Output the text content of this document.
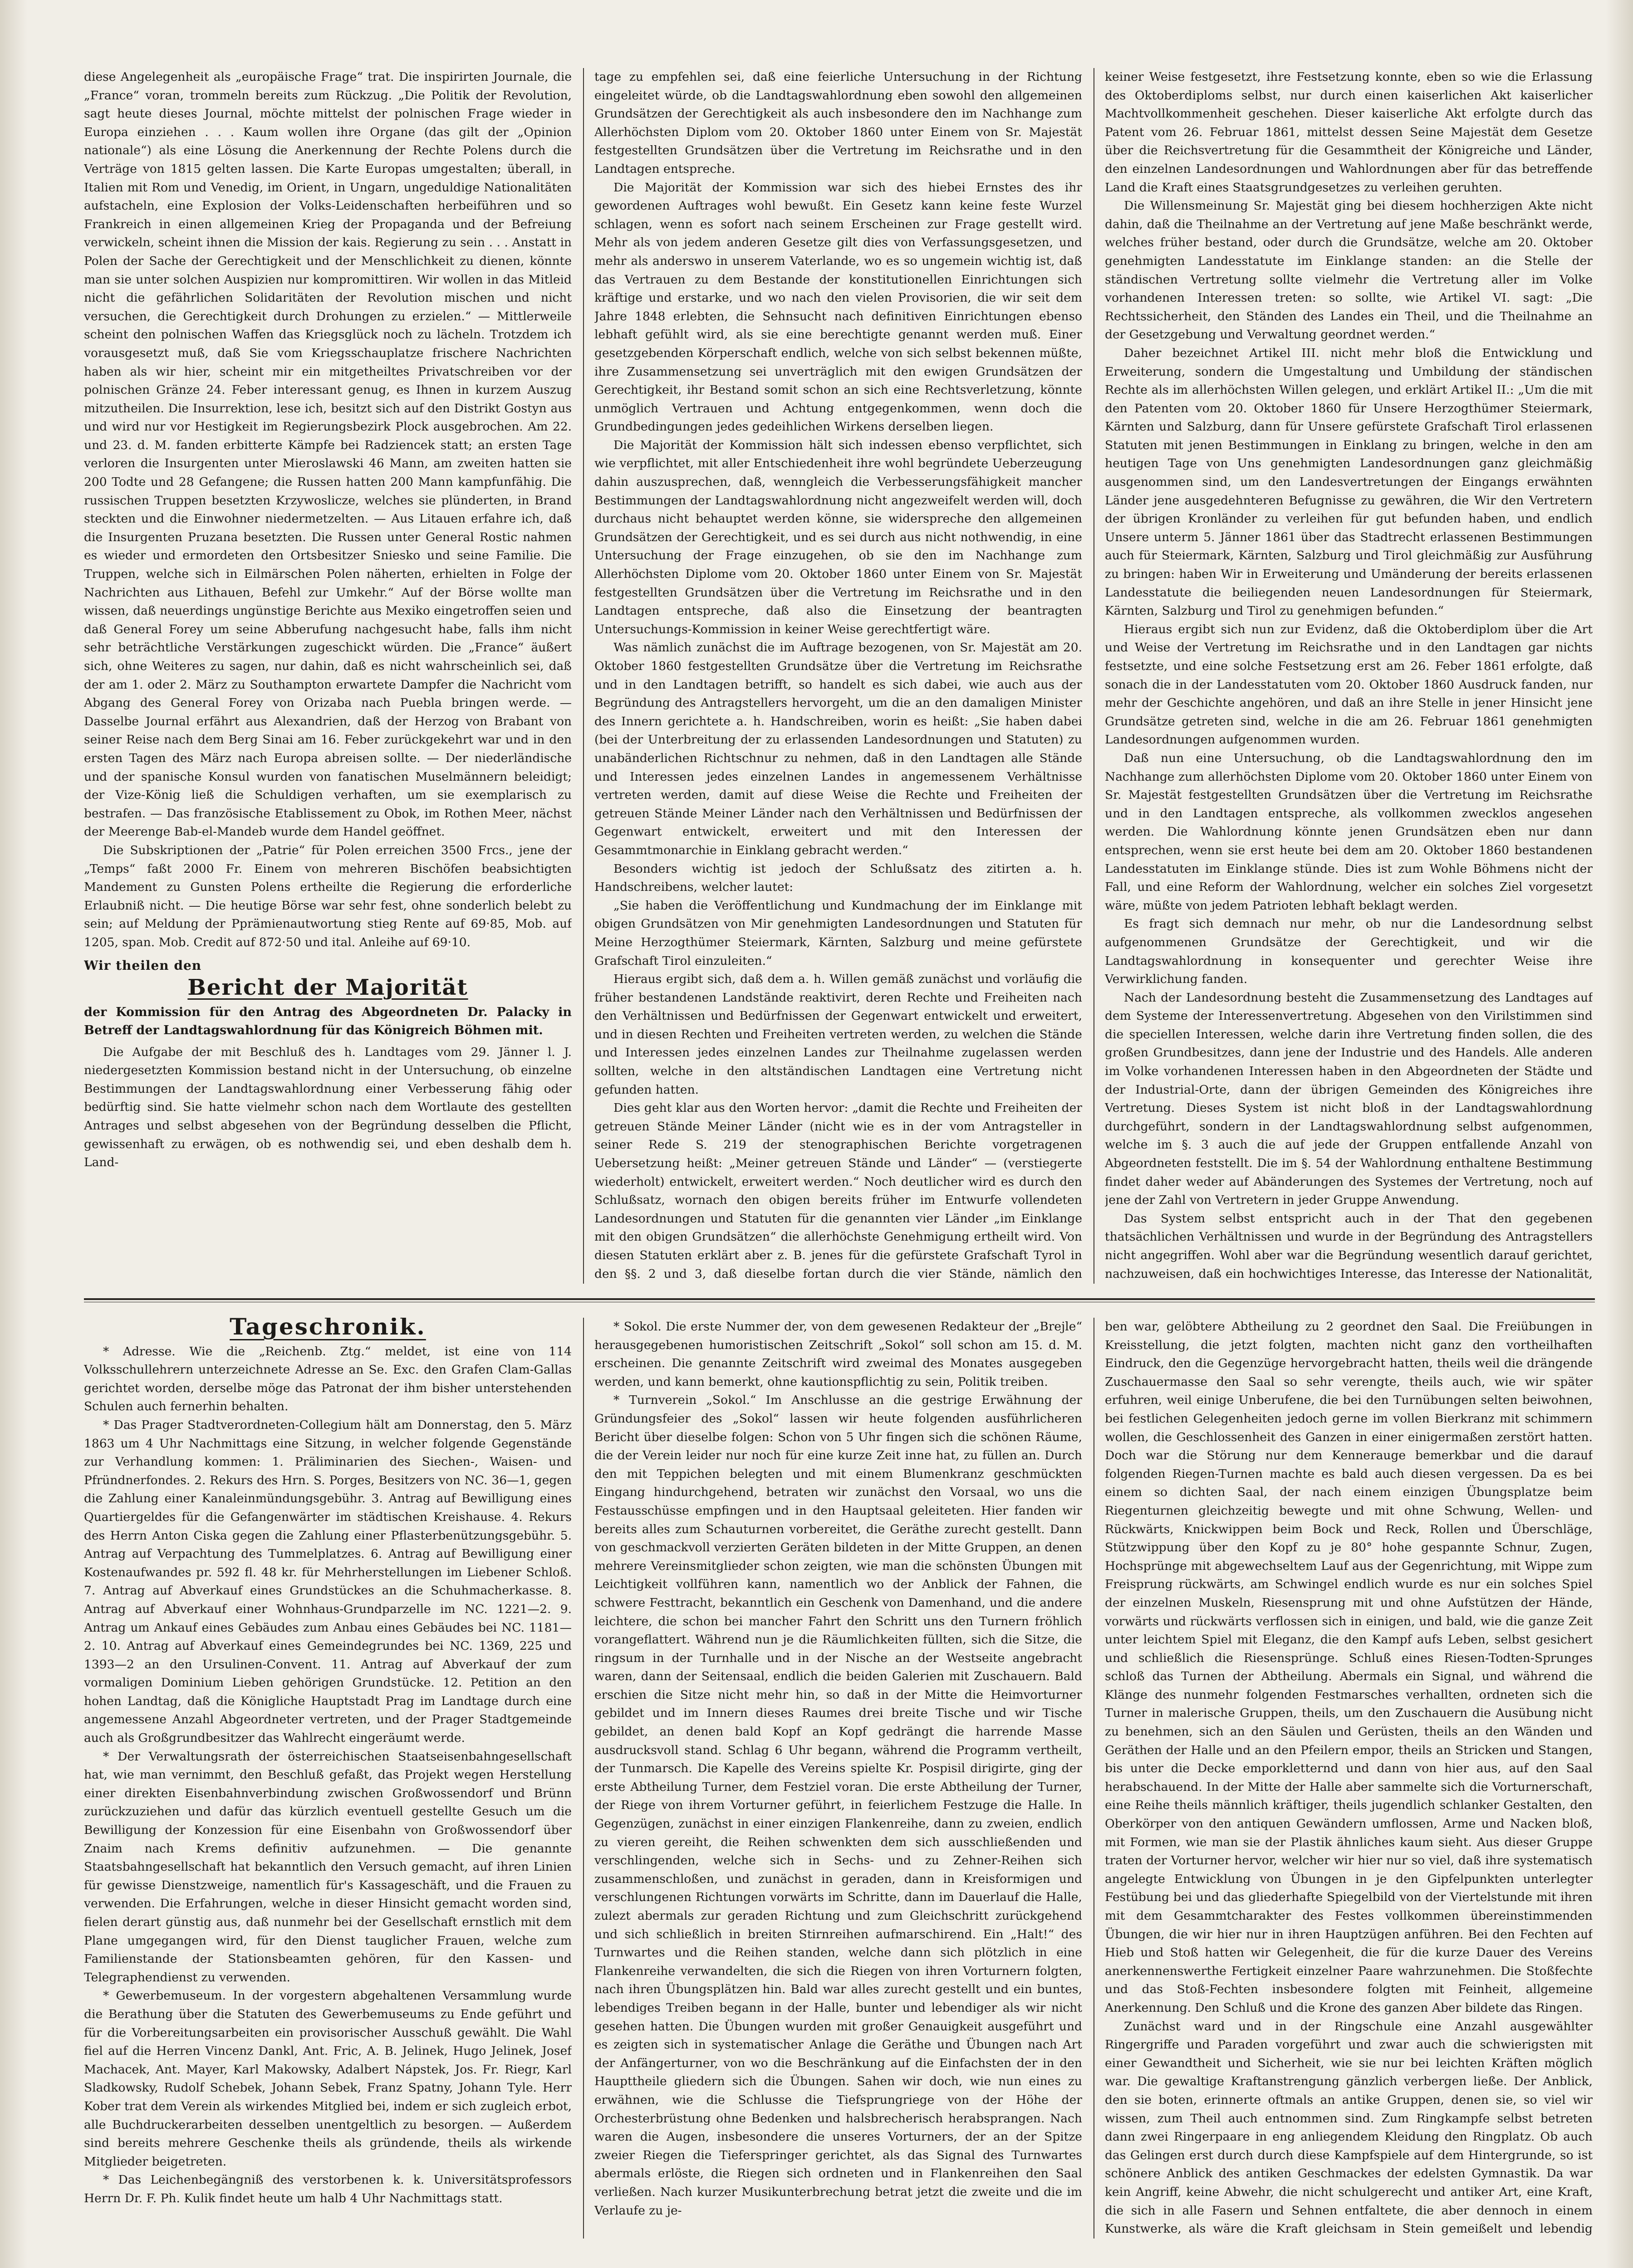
diese Angelegenheit als „europäische Frage“ trat. Die inspirirten Journale, die „France“ voran, trommeln bereits zum Rückzug. „Die Politik der Revolution, sagt heute dieses Journal, möchte mittelst der polnischen Frage wieder in Europa einziehen . . . Kaum wollen ihre Organe (das gilt der „Opinion nationale“) als eine Lösung die Anerkennung der Rechte Polens durch die Verträge von 1815 gelten lassen. Die Karte Europas umgestalten; überall, in Italien mit Rom und Venedig, im Orient, in Ungarn, ungeduldige Nationalitäten aufstacheln, eine Explosion der Volks-Leidenschaften herbeiführen und so Frankreich in einen allgemeinen Krieg der Propaganda und der Befreiung verwickeln, scheint ihnen die Mission der kais. Regierung zu sein . . . Anstatt in Polen der Sache der Gerechtigkeit und der Menschlichkeit zu dienen, könnte man sie unter solchen Auspizien nur kompromittiren. Wir wollen in das Mitleid nicht die gefährlichen Solidaritäten der Revolution mischen und nicht versuchen, die Gerechtigkeit durch Drohungen zu erzielen.“ — Mittlerweile scheint den polnischen Waffen das Kriegsglück noch zu lächeln. Trotzdem ich vorausgesetzt muß, daß Sie vom Kriegsschauplatze frischere Nachrichten haben als wir hier, scheint mir ein mitgetheiltes Privatschreiben vor der polnischen Gränze 24. Feber interessant genug, es Ihnen in kurzem Auszug mitzutheilen. Die Insurrektion, lese ich, besitzt sich auf den Distrikt Gostyn aus und wird nur vor Hestigkeit im Regierungsbezirk Plock ausgebrochen. Am 22. und 23. d. M. fanden erbitterte Kämpfe bei Radziencek statt; an ersten Tage verloren die Insurgenten unter Mieroslawski 46 Mann, am zweiten hatten sie 200 Todte und 28 Gefangene; die Russen hatten 200 Mann kampfunfähig. Die russischen Truppen besetzten Krzywoslicze, welches sie plünderten, in Brand steckten und die Einwohner niedermetzelten. — Aus Litauen erfahre ich, daß die Insurgenten Pruzana besetzten. Die Russen unter General Rostic nahmen es wieder und ermordeten den Ortsbesitzer Sniesko und seine Familie. Die Truppen, welche sich in Eilmärschen Polen näherten, erhielten in Folge der Nachrichten aus Lithauen, Befehl zur Umkehr.“ Auf der Börse wollte man wissen, daß neuerdings ungünstige Berichte aus Mexiko eingetroffen seien und daß General Forey um seine Abberufung nachgesucht habe, falls ihm nicht sehr beträchtliche Verstärkungen zugeschickt würden. Die „France“ äußert sich, ohne Weiteres zu sagen, nur dahin, daß es nicht wahrscheinlich sei, daß der am 1. oder 2. März zu Southampton erwartete Dampfer die Nachricht vom Abgang des General Forey von Orizaba nach Puebla bringen werde. — Dasselbe Journal erfährt aus Alexandrien, daß der Herzog von Brabant von seiner Reise nach dem Berg Sinai am 16. Feber zurückgekehrt war und in den ersten Tagen des März nach Europa abreisen sollte. — Der niederländische und der spanische Konsul wurden von fanatischen Muselmännern beleidigt; der Vize-König ließ die Schuldigen verhaften, um sie exemplarisch zu bestrafen. — Das französische Etablissement zu Obok, im Rothen Meer, nächst der Meerenge Bab-el-Mandeb wurde dem Handel geöffnet.

Die Subskriptionen der „Patrie“ für Polen erreichen 3500 Frcs., jene der „Temps“ faßt 2000 Fr. Einem von mehreren Bischöfen beabsichtigten Mandement zu Gunsten Polens ertheilte die Regierung die erforderliche Erlaubniß nicht. — Die heutige Börse war sehr fest, ohne sonderlich belebt zu sein; auf Meldung der Pprämienautwortung stieg Rente auf 69·85, Mob. auf 1205, span. Mob. Credit auf 872·50 und ital. Anleihe auf 69·10.

Wir theilen den
Bericht der Majorität
der Kommission für den Antrag des Abgeordneten Dr. Palacky in Betreff der Landtagswahlordnung für das Königreich Böhmen mit.

Die Aufgabe der mit Beschluß des h. Landtages vom 29. Jänner l. J. niedergesetzten Kommission bestand nicht in der Untersuchung, ob einzelne Bestimmungen der Landtagswahlordnung einer Verbesserung fähig oder bedürftig sind. Sie hatte vielmehr schon nach dem Wortlaute des gestellten Antrages und selbst abgesehen von der Begründung desselben die Pflicht, gewissenhaft zu erwägen, ob es nothwendig sei, und eben deshalb dem h. Land-

tage zu empfehlen sei, daß eine feierliche Untersuchung in der Richtung eingeleitet würde, ob die Landtagswahlordnung eben sowohl den allgemeinen Grundsätzen der Gerechtigkeit als auch insbesondere den im Nachhange zum Allerhöchsten Diplom vom 20. Oktober 1860 unter Einem von Sr. Majestät festgestellten Grundsätzen über die Vertretung im Reichsrathe und in den Landtagen entspreche.

Die Majorität der Kommission war sich des hiebei Ernstes des ihr gewordenen Auftrages wohl bewußt. Ein Gesetz kann keine feste Wurzel schlagen, wenn es sofort nach seinem Erscheinen zur Frage gestellt wird. Mehr als von jedem anderen Gesetze gilt dies von Verfassungsgesetzen, und mehr als anderswo in unserem Vaterlande, wo es so ungemein wichtig ist, daß das Vertrauen zu dem Bestande der konstitutionellen Einrichtungen sich kräftige und erstarke, und wo nach den vielen Provisorien, die wir seit dem Jahre 1848 erlebten, die Sehnsucht nach definitiven Einrichtungen ebenso lebhaft gefühlt wird, als sie eine berechtigte genannt werden muß. Einer gesetzgebenden Körperschaft endlich, welche von sich selbst bekennen müßte, ihre Zusammensetzung sei unverträglich mit den ewigen Grundsätzen der Gerechtigkeit, ihr Bestand somit schon an sich eine Rechtsverletzung, könnte unmöglich Vertrauen und Achtung entgegenkommen, wenn doch die Grundbedingungen jedes gedeihlichen Wirkens derselben liegen.

Die Majorität der Kommission hält sich indessen ebenso verpflichtet, sich wie verpflichtet, mit aller Entschiedenheit ihre wohl begründete Ueberzeugung dahin auszusprechen, daß, wenngleich die Verbesserungsfähigkeit mancher Bestimmungen der Landtagswahlordnung nicht angezweifelt werden will, doch durchaus nicht behauptet werden könne, sie widerspreche den allgemeinen Grundsätzen der Gerechtigkeit, und es sei durch aus nicht nothwendig, in eine Untersuchung der Frage einzugehen, ob sie den im Nachhange zum Allerhöchsten Diplome vom 20. Oktober 1860 unter Einem von Sr. Majestät festgestellten Grundsätzen über die Vertretung im Reichsrathe und in den Landtagen entspreche, daß also die Einsetzung der beantragten Untersuchungs-Kommission in keiner Weise gerechtfertigt wäre.

Was nämlich zunächst die im Auftrage bezogenen, von Sr. Majestät am 20. Oktober 1860 festgestellten Grundsätze über die Vertretung im Reichsrathe und in den Landtagen betrifft, so handelt es sich dabei, wie auch aus der Begründung des Antragstellers hervorgeht, um die an den damaligen Minister des Innern gerichtete a. h. Handschreiben, worin es heißt: „Sie haben dabei (bei der Unterbreitung der zu erlassenden Landesordnungen und Statuten) zu unabänderlichen Richtschnur zu nehmen, daß in den Landtagen alle Stände und Interessen jedes einzelnen Landes in angemessenem Verhältnisse vertreten werden, damit auf diese Weise die Rechte und Freiheiten der getreuen Stände Meiner Länder nach den Verhältnissen und Bedürfnissen der Gegenwart entwickelt, erweitert und mit den Interessen der Gesammtmonarchie in Einklang gebracht werden.“

Besonders wichtig ist jedoch der Schlußsatz des zitirten a. h. Handschreibens, welcher lautet:

„Sie haben die Veröffentlichung und Kundmachung der im Einklange mit obigen Grundsätzen von Mir genehmigten Landesordnungen und Statuten für Meine Herzogthümer Steiermark, Kärnten, Salzburg und meine gefürstete Grafschaft Tirol einzuleiten.“

Hieraus ergibt sich, daß dem a. h. Willen gemäß zunächst und vorläufig die früher bestandenen Landstände reaktivirt, deren Rechte und Freiheiten nach den Verhältnissen und Bedürfnissen der Gegenwart entwickelt und erweitert, und in diesen Rechten und Freiheiten vertreten werden, zu welchen die Stände und Interessen jedes einzelnen Landes zur Theilnahme zugelassen werden sollten, welche in den altständischen Landtagen eine Vertretung nicht gefunden hatten.

Dies geht klar aus den Worten hervor: „damit die Rechte und Freiheiten der getreuen Stände Meiner Länder (nicht wie es in der vom Antragsteller in seiner Rede S. 219 der stenographischen Berichte vorgetragenen Uebersetzung heißt: „Meiner getreuen Stände und Länder“ — (verstiegerte wiederholt) entwickelt, erweitert werden.“ Noch deutlicher wird es durch den Schlußsatz, wornach den obigen bereits früher im Entwurfe vollendeten Landesordnungen und Statuten für die genannten vier Länder „im Einklange mit den obigen Grundsätzen“ die allerhöchste Genehmigung ertheilt wird. Von diesen Statuten erklärt aber z. B. jenes für die gefürstete Grafschaft Tyrol in den §§. 2 und 3, daß dieselbe fortan durch die vier Stände, nämlich den

keiner Weise festgesetzt, ihre Festsetzung konnte, eben so wie die Erlassung des Oktoberdiploms selbst, nur durch einen kaiserlichen Akt kaiserlicher Machtvollkommenheit geschehen. Dieser kaiserliche Akt erfolgte durch das Patent vom 26. Februar 1861, mittelst dessen Seine Majestät dem Gesetze über die Reichsvertretung für die Gesammtheit der Königreiche und Länder, den einzelnen Landesordnungen und Wahlordnungen aber für das betreffende Land die Kraft eines Staatsgrundgesetzes zu verleihen geruhten.

Die Willensmeinung Sr. Majestät ging bei diesem hochherzigen Akte nicht dahin, daß die Theilnahme an der Vertretung auf jene Maße beschränkt werde, welches früher bestand, oder durch die Grundsätze, welche am 20. Oktober genehmigten Landesstatute im Einklange standen: an die Stelle der ständischen Vertretung sollte vielmehr die Vertretung aller im Volke vorhandenen Interessen treten: so sollte, wie Artikel VI. sagt: „Die Rechtssicherheit, den Ständen des Landes ein Theil, und die Theilnahme an der Gesetzgebung und Verwaltung geordnet werden.“

Daher bezeichnet Artikel III. nicht mehr bloß die Entwicklung und Erweiterung, sondern die Umgestaltung und Umbildung der ständischen Rechte als im allerhöchsten Willen gelegen, und erklärt Artikel II.: „Um die mit den Patenten vom 20. Oktober 1860 für Unsere Herzogthümer Steiermark, Kärnten und Salzburg, dann für Unsere gefürstete Grafschaft Tirol erlassenen Statuten mit jenen Bestimmungen in Einklang zu bringen, welche in den am heutigen Tage von Uns genehmigten Landesordnungen ganz gleichmäßig ausgenommen sind, um den Landesvertretungen der Eingangs erwähnten Länder jene ausgedehnteren Befugnisse zu gewähren, die Wir den Vertretern der übrigen Kronländer zu verleihen für gut befunden haben, und endlich Unsere unterm 5. Jänner 1861 über das Stadtrecht erlassenen Bestimmungen auch für Steiermark, Kärnten, Salzburg und Tirol gleichmäßig zur Ausführung zu bringen: haben Wir in Erweiterung und Umänderung der bereits erlassenen Landesstatute die beiliegenden neuen Landesordnungen für Steiermark, Kärnten, Salzburg und Tirol zu genehmigen befunden.“

Hieraus ergibt sich nun zur Evidenz, daß die Oktoberdiplom über die Art und Weise der Vertretung im Reichsrathe und in den Landtagen gar nichts festsetzte, und eine solche Festsetzung erst am 26. Feber 1861 erfolgte, daß sonach die in der Landesstatuten vom 20. Oktober 1860 Ausdruck fanden, nur mehr der Geschichte angehören, und daß an ihre Stelle in jener Hinsicht jene Grundsätze getreten sind, welche in die am 26. Februar 1861 genehmigten Landesordnungen aufgenommen wurden.

Daß nun eine Untersuchung, ob die Landtagswahlordnung den im Nachhange zum allerhöchsten Diplome vom 20. Oktober 1860 unter Einem von Sr. Majestät festgestellten Grundsätzen über die Vertretung im Reichsrathe und in den Landtagen entspreche, als vollkommen zwecklos angesehen werden. Die Wahlordnung könnte jenen Grundsätzen eben nur dann entsprechen, wenn sie erst heute bei dem am 20. Oktober 1860 bestandenen Landesstatuten im Einklange stünde. Dies ist zum Wohle Böhmens nicht der Fall, und eine Reform der Wahlordnung, welcher ein solches Ziel vorgesetzt wäre, müßte von jedem Patrioten lebhaft beklagt werden.

Es fragt sich demnach nur mehr, ob nur die Landesordnung selbst aufgenommenen Grundsätze der Gerechtigkeit, und wir die Landtagswahlordnung in konsequenter und gerechter Weise ihre Verwirklichung fanden.

Nach der Landesordnung besteht die Zusammensetzung des Landtages auf dem Systeme der Interessenvertretung. Abgesehen von den Virilstimmen sind die speciellen Interessen, welche darin ihre Vertretung finden sollen, die des großen Grundbesitzes, dann jene der Industrie und des Handels. Alle anderen im Volke vorhandenen Interessen haben in den Abgeordneten der Städte und der Industrial-Orte, dann der übrigen Gemeinden des Königreiches ihre Vertretung. Dieses System ist nicht bloß in der Landtagswahlordnung durchgeführt, sondern in der Landtagswahlordnung selbst aufgenommen, welche im §. 3 auch die auf jede der Gruppen entfallende Anzahl von Abgeordneten feststellt. Die im §. 54 der Wahlordnung enthaltene Bestimmung findet daher weder auf Abänderungen des Systemes der Vertretung, noch auf jene der Zahl von Vertretern in jeder Gruppe Anwendung.

Das System selbst entspricht auch in der That den gegebenen thatsächlichen Verhältnissen und wurde in der Begründung des Antragstellers nicht angegriffen. Wohl aber war die Begründung wesentlich darauf gerichtet, nachzuweisen, daß ein hochwichtiges Interesse, das Interesse der Nationalität,

Tageschronik.

* Adresse. Wie die „Reichenb. Ztg.“ meldet, ist eine von 114 Volksschullehrern unterzeichnete Adresse an Se. Exc. den Grafen Clam-Gallas gerichtet worden, derselbe möge das Patronat der ihm bisher unterstehenden Schulen auch fernerhin behalten.

* Das Prager Stadtverordneten-Collegium hält am Donnerstag, den 5. März 1863 um 4 Uhr Nachmittags eine Sitzung, in welcher folgende Gegenstände zur Verhandlung kommen: 1. Präliminarien des Siechen-, Waisen- und Pfründnerfondes. 2. Rekurs des Hrn. S. Porges, Besitzers von NC. 36—1, gegen die Zahlung einer Kanaleinmündungsgebühr. 3. Antrag auf Bewilligung eines Quartiergeldes für die Gefangenwärter im städtischen Kreishause. 4. Rekurs des Herrn Anton Ciska gegen die Zahlung einer Pflasterbenützungsgebühr. 5. Antrag auf Verpachtung des Tummelplatzes. 6. Antrag auf Bewilligung einer Kostenaufwandes pr. 592 fl. 48 kr. für Mehrherstellungen im Liebener Schloß. 7. Antrag auf Abverkauf eines Grundstückes an die Schuhmacherkasse. 8. Antrag auf Abverkauf einer Wohnhaus-Grundparzelle im NC. 1221—2. 9. Antrag um Ankauf eines Gebäudes zum Anbau eines Gebäudes bei NC. 1181—2. 10. Antrag auf Abverkauf eines Gemeindegrundes bei NC. 1369, 225 und 1393—2 an den Ursulinen-Convent. 11. Antrag auf Abverkauf der zum vormaligen Dominium Lieben gehörigen Grundstücke. 12. Petition an den hohen Landtag, daß die Königliche Hauptstadt Prag im Landtage durch eine angemessene Anzahl Abgeordneter vertreten, und der Prager Stadtgemeinde auch als Großgrundbesitzer das Wahlrecht eingeräumt werde.

* Der Verwaltungsrath der österreichischen Staatseisenbahngesellschaft hat, wie man vernimmt, den Beschluß gefaßt, das Projekt wegen Herstellung einer direkten Eisenbahnverbindung zwischen Großwossendorf und Brünn zurückzuziehen und dafür das kürzlich eventuell gestellte Gesuch um die Bewilligung der Konzession für eine Eisenbahn von Großwossendorf über Znaim nach Krems definitiv aufzunehmen. — Die genannte Staatsbahngesellschaft hat bekanntlich den Versuch gemacht, auf ihren Linien für gewisse Dienstzweige, namentlich für's Kassageschäft, und die Frauen zu verwenden. Die Erfahrungen, welche in dieser Hinsicht gemacht worden sind, fielen derart günstig aus, daß nunmehr bei der Gesellschaft ernstlich mit dem Plane umgegangen wird, für den Dienst tauglicher Frauen, welche zum Familienstande der Stationsbeamten gehören, für den Kassen- und Telegraphendienst zu verwenden.

* Gewerbemuseum. In der vorgestern abgehaltenen Versammlung wurde die Berathung über die Statuten des Gewerbemuseums zu Ende geführt und für die Vorbereitungsarbeiten ein provisorischer Ausschuß gewählt. Die Wahl fiel auf die Herren Vincenz Dankl, Ant. Fric, A. B. Jelinek, Hugo Jelinek, Josef Machacek, Ant. Mayer, Karl Makowsky, Adalbert Nápstek, Jos. Fr. Riegr, Karl Sladkowsky, Rudolf Schebek, Johann Sebek, Franz Spatny, Johann Tyle. Herr Kober trat dem Verein als wirkendes Mitglied bei, indem er sich zugleich erbot, alle Buchdruckerarbeiten desselben unentgeltlich zu besorgen. — Außerdem sind bereits mehrere Geschenke theils als gründende, theils als wirkende Mitglieder beigetreten.

* Das Leichenbegängniß des verstorbenen k. k. Universitätsprofessors Herrn Dr. F. Ph. Kulik findet heute um halb 4 Uhr Nachmittags statt.

* Sokol. Die erste Nummer der, von dem gewesenen Redakteur der „Brejle“ herausgegebenen humoristischen Zeitschrift „Sokol“ soll schon am 15. d. M. erscheinen. Die genannte Zeitschrift wird zweimal des Monates ausgegeben werden, und kann bemerkt, ohne kautionspflichtig zu sein, Politik treiben.

* Turnverein „Sokol.“ Im Anschlusse an die gestrige Erwähnung der Gründungsfeier des „Sokol“ lassen wir heute folgenden ausführlicheren Bericht über dieselbe folgen: Schon von 5 Uhr fingen sich die schönen Räume, die der Verein leider nur noch für eine kurze Zeit inne hat, zu füllen an. Durch den mit Teppichen belegten und mit einem Blumenkranz geschmückten Eingang hindurchgehend, betraten wir zunächst den Vorsaal, wo uns die Festausschüsse empfingen und in den Hauptsaal geleiteten. Hier fanden wir bereits alles zum Schauturnen vorbereitet, die Geräthe zurecht gestellt. Dann von geschmackvoll verzierten Geräten bildeten in der Mitte Gruppen, an denen mehrere Vereinsmitglieder schon zeigten, wie man die schönsten Übungen mit Leichtigkeit vollführen kann, namentlich wo der Anblick der Fahnen, die schwere Festtracht, bekanntlich ein Geschenk von Damenhand, und die andere leichtere, die schon bei mancher Fahrt den Schritt uns den Turnern fröhlich vorangeflattert. Während nun je die Räumlichkeiten füllten, sich die Sitze, die ringsum in der Turnhalle und in der Nische an der Westseite angebracht waren, dann der Seitensaal, endlich die beiden Galerien mit Zuschauern. Bald erschien die Sitze nicht mehr hin, so daß in der Mitte die Heimvorturner gebildet und im Innern dieses Raumes drei breite Tische und wir Tische gebildet, an denen bald Kopf an Kopf gedrängt die harrende Masse ausdrucksvoll stand. Schlag 6 Uhr begann, während die Programm vertheilt, der Tunmarsch. Die Kapelle des Vereins spielte Kr. Pospisil dirigirte, ging der erste Abtheilung Turner, dem Festziel voran. Die erste Abtheilung der Turner, der Riege von ihrem Vorturner geführt, in feierlichem Festzuge die Halle. In Gegenzügen, zunächst in einer einzigen Flankenreihe, dann zu zweien, endlich zu vieren gereiht, die Reihen schwenkten dem sich ausschließenden und verschlingenden, welche sich in Sechs- und zu Zehner-Reihen sich zusammenschloßen, und zunächst in geraden, dann in Kreisformigen und verschlungenen Richtungen vorwärts im Schritte, dann im Dauerlauf die Halle, zulezt abermals zur geraden Richtung und zum Gleichschritt zurückgehend und sich schließlich in breiten Stirnreihen aufmarschirend. Ein „Halt!“ des Turnwartes und die Reihen standen, welche dann sich plötzlich in eine Flankenreihe verwandelten, die sich die Riegen von ihren Vorturnern folgten, nach ihren Übungsplätzen hin. Bald war alles zurecht gestellt und ein buntes, lebendiges Treiben begann in der Halle, bunter und lebendiger als wir nicht gesehen hatten. Die Übungen wurden mit großer Genauigkeit ausgeführt und es zeigten sich in systematischer Anlage die Geräthe und Übungen nach Art der Anfängerturner, von wo die Beschränkung auf die Einfachsten der in den Haupttheile gliedern sich die Übungen. Sahen wir doch, wie nun eines zu erwähnen, wie die Schlusse die Tiefsprungriege von der Höhe der Orchesterbrüstung ohne Bedenken und halsbrecherisch herabsprangen. Nach waren die Augen, insbesondere die unseres Vorturners, der an der Spitze zweier Riegen die Tieferspringer gerichtet, als das Signal des Turnwartes abermals erlöste, die Riegen sich ordneten und in Flankenreihen den Saal verließen. Nach kurzer Musikunterbrechung betrat jetzt die zweite und die im Verlaufe zu je-

ben war, gelöbtere Abtheilung zu 2 geordnet den Saal. Die Freiübungen in Kreisstellung, die jetzt folgten, machten nicht ganz den vortheilhaften Eindruck, den die Gegenzüge hervorgebracht hatten, theils weil die drängende Zuschauermasse den Saal so sehr verengte, theils auch, wie wir später erfuhren, weil einige Unberufene, die bei den Turnübungen selten beiwohnen, bei festlichen Gelegenheiten jedoch gerne im vollen Bierkranz mit schimmern wollen, die Geschlossenheit des Ganzen in einer einigermaßen zerstört hatten. Doch war die Störung nur dem Kennerauge bemerkbar und die darauf folgenden Riegen-Turnen machte es bald auch diesen vergessen. Da es bei einem so dichten Saal, der nach einem einzigen Übungsplatze beim Riegenturnen gleichzeitig bewegte und mit ohne Schwung, Wellen- und Rückwärts, Knickwippen beim Bock und Reck, Rollen und Überschläge, Stützwippung über den Kopf zu je 80° hohe gespannte Schnur, Zugen, Hochsprünge mit abgewechseltem Lauf aus der Gegenrichtung, mit Wippe zum Freisprung rückwärts, am Schwingel endlich wurde es nur ein solches Spiel der einzelnen Muskeln, Riesensprung mit und ohne Aufstützen der Hände, vorwärts und rückwärts verflossen sich in einigen, und bald, wie die ganze Zeit unter leichtem Spiel mit Eleganz, die den Kampf aufs Leben, selbst gesichert und schließlich die Riesensprünge. Schluß eines Riesen-Todten-Sprunges schloß das Turnen der Abtheilung. Abermals ein Signal, und während die Klänge des nunmehr folgenden Festmarsches verhallten, ordneten sich die Turner in malerische Gruppen, theils, um den Zuschauern die Ausübung nicht zu benehmen, sich an den Säulen und Gerüsten, theils an den Wänden und Geräthen der Halle und an den Pfeilern empor, theils an Stricken und Stangen, bis unter die Decke emporkletternd und dann von hier aus, auf den Saal herabschauend. In der Mitte der Halle aber sammelte sich die Vorturnerschaft, eine Reihe theils männlich kräftiger, theils jugendlich schlanker Gestalten, den Oberkörper von den antiquen Gewändern umflossen, Arme und Nacken bloß, mit Formen, wie man sie der Plastik ähnliches kaum sieht. Aus dieser Gruppe traten der Vorturner hervor, welcher wir hier nur so viel, daß ihre systematisch angelegte Entwicklung von Übungen in je den Gipfelpunkten unterlegter Festübung bei und das gliederhafte Spiegelbild von der Viertelstunde mit ihren mit dem Gesammtcharakter des Festes vollkommen übereinstimmenden Übungen, die wir hier nur in ihren Hauptzügen anführen. Bei den Fechten auf Hieb und Stoß hatten wir Gelegenheit, die für die kurze Dauer des Vereins anerkennenswerthe Fertigkeit einzelner Paare wahrzunehmen. Die Stoßfechte und das Stoß-Fechten insbesondere folgten mit Feinheit, allgemeine Anerkennung. Den Schluß und die Krone des ganzen Aber bildete das Ringen.

Zunächst ward und in der Ringschule eine Anzahl ausgewählter Ringergriffe und Paraden vorgeführt und zwar auch die schwierigsten mit einer Gewandtheit und Sicherheit, wie sie nur bei leichten Kräften möglich war. Die gewaltige Kraftanstrengung gänzlich verbergen ließe. Der Anblick, den sie boten, erinnerte oftmals an antike Gruppen, denen sie, so viel wir wissen, zum Theil auch entnommen sind. Zum Ringkampfe selbst betreten dann zwei Ringerpaare in eng anliegendem Kleidung den Ringplatz. Ob auch das Gelingen erst durch durch diese Kampfspiele auf dem Hintergrunde, so ist schönere Anblick des antiken Geschmackes der edelsten Gymnastik. Da war kein Angriff, keine Abwehr, die nicht schulgerecht und antiker Art, eine Kraft, die sich in alle Fasern und Sehnen entfaltete, die aber dennoch in einem Kunstwerke, als wäre die Kraft gleichsam in Stein gemeißelt und lebendig
